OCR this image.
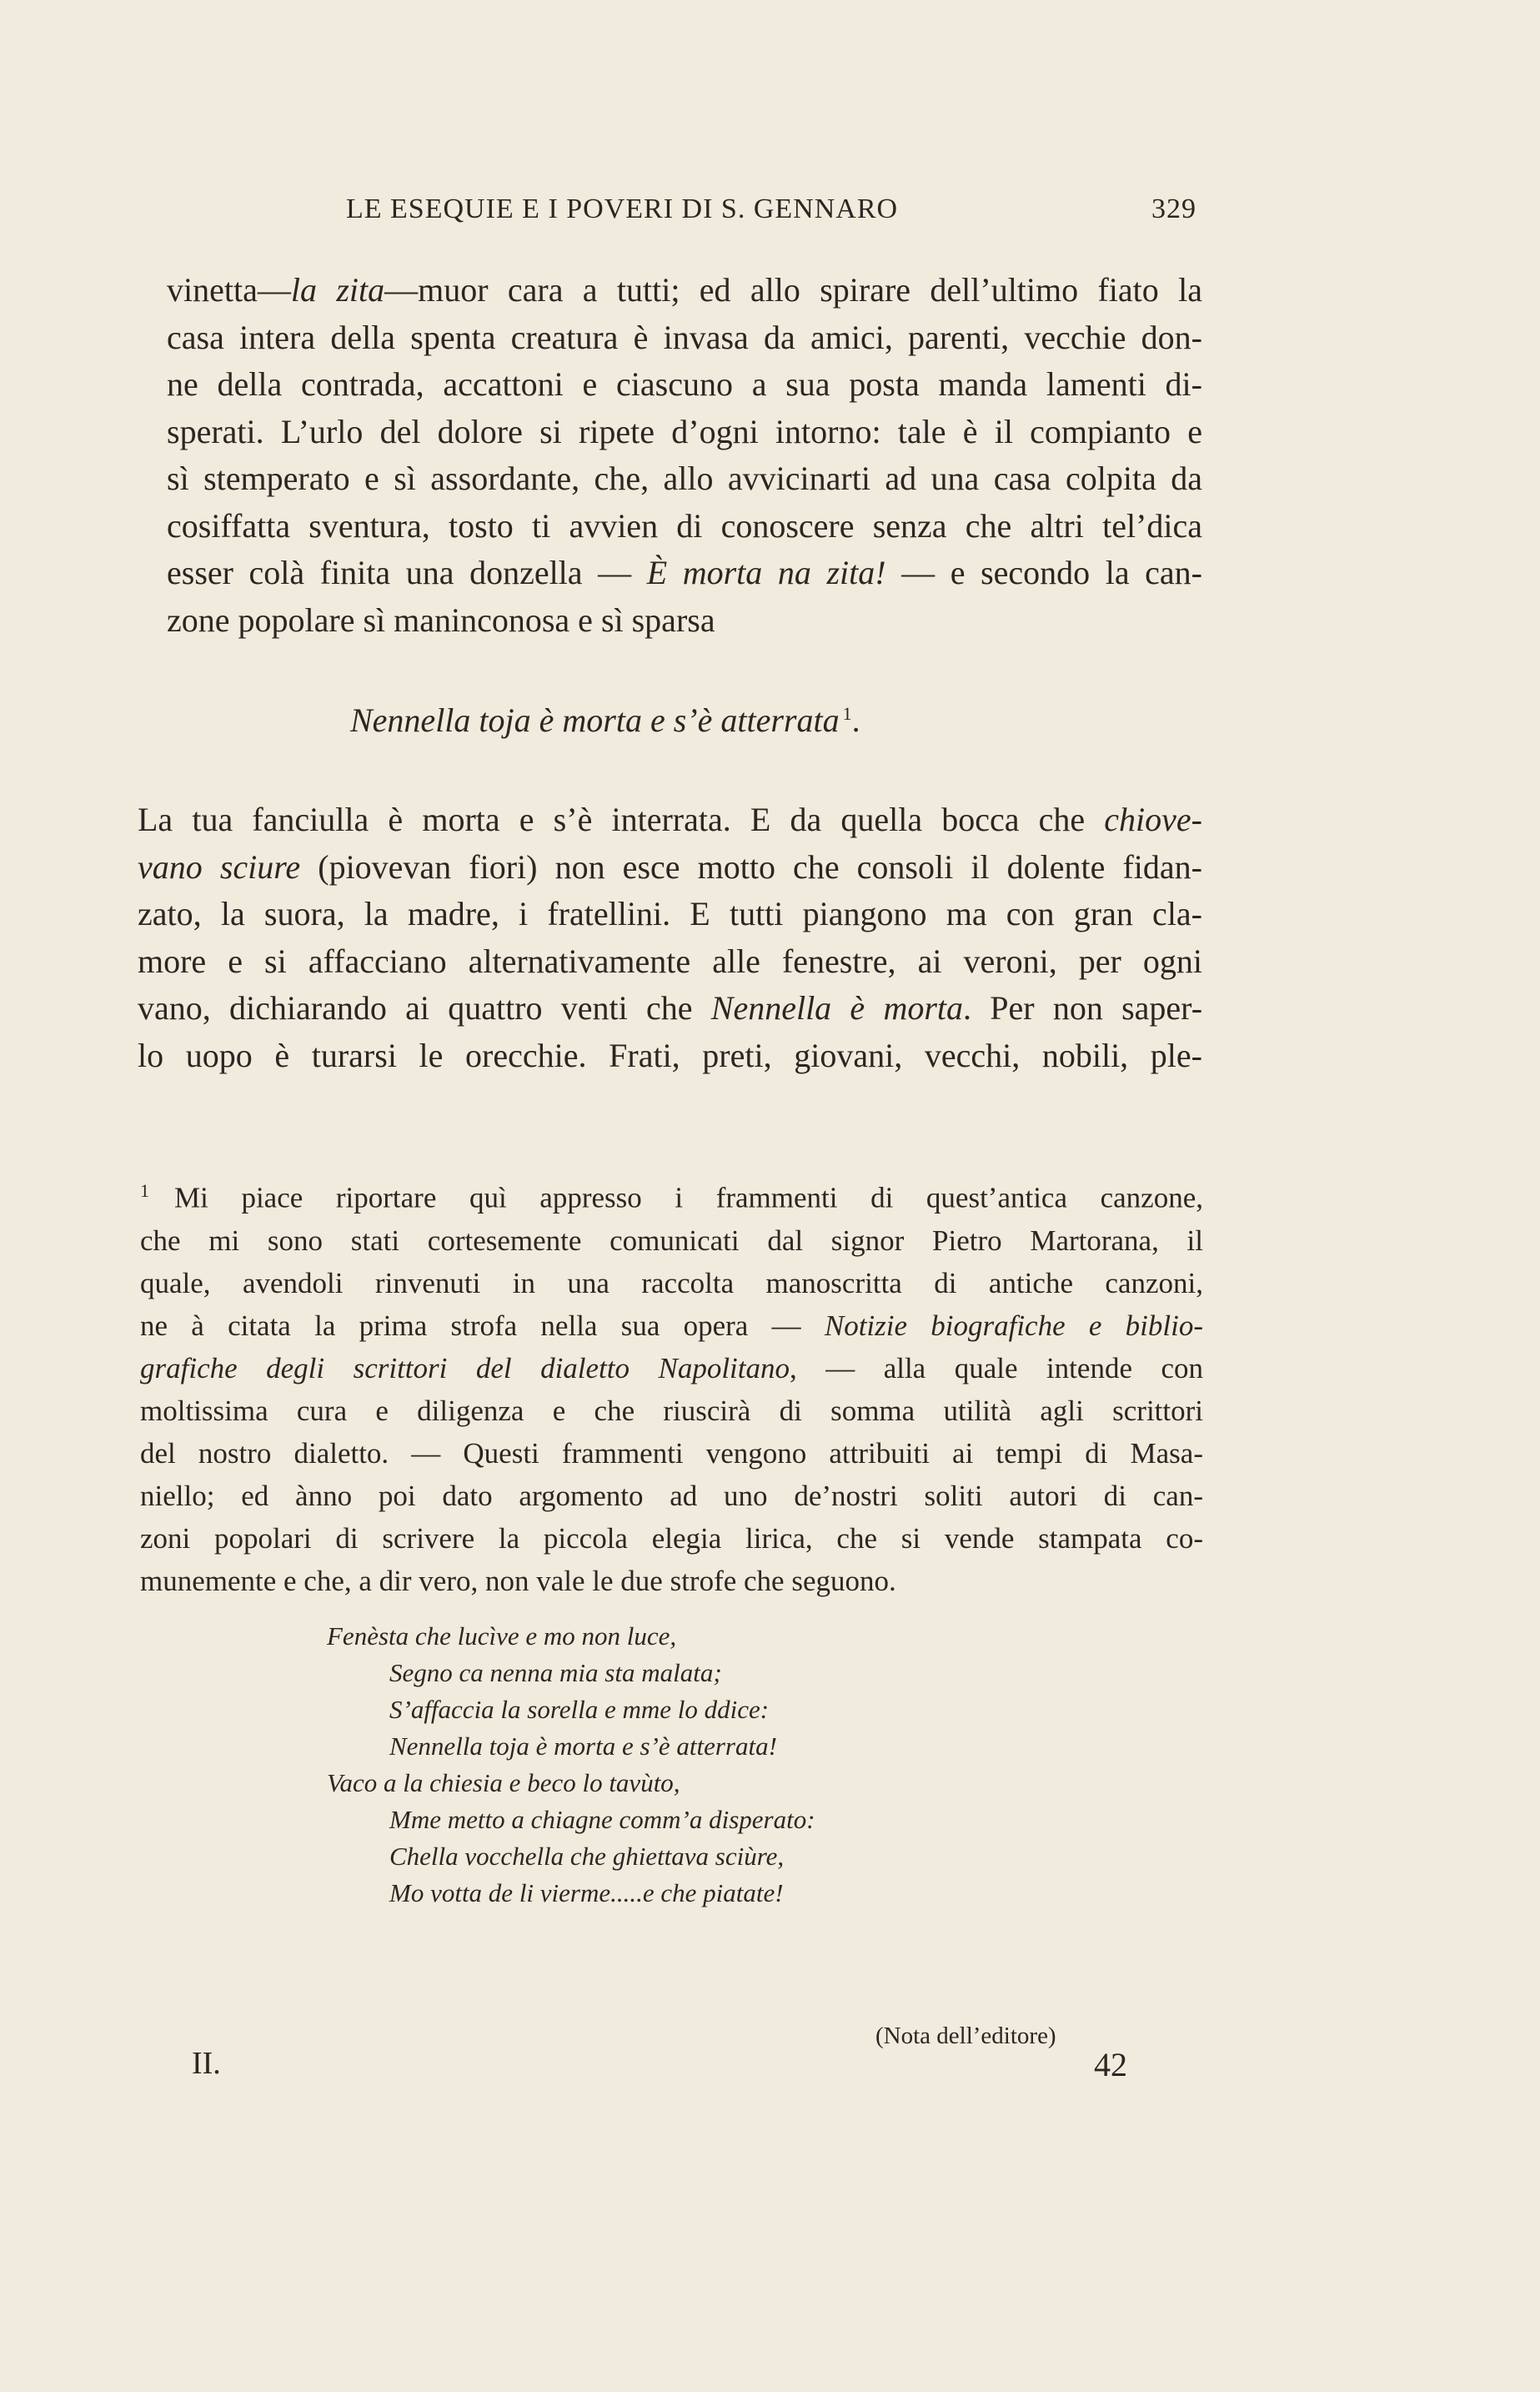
LE ESEQUIE E I POVERI DI S. GENNARO	329
vinetta—la zita—muor cara a tutti; ed allo spirare dell’ultimo fiato la
casa intera della spenta creatura è invasa da amici, parenti, vecchie don-
ne della contrada, accattoni e ciascuno a sua posta manda lamenti di-
sperati. L’urlo del dolore si ripete d’ogni intorno: tale è il compianto e
sì stemperato e sì assordante, che, allo avvicinarti ad una casa colpita da
cosiffatta sventura, tosto ti avvien di conoscere senza che altri tel’dica
esser colà finita una donzella — È morta na zita! — e secondo la can-
zone popolare sì maninconosa e sì sparsa
Nennella toja è morta e s’è atterrata $^1$.
La tua fanciulla è morta e s’è interrata. E da quella bocca che chiove-
vano sciure (piovevan fiori) non esce motto che consoli il dolente fidan-
zato, la suora, la madre, i fratellini. E tutti piangono ma con gran cla-
more e si affacciano alternativamente alle fenestre, ai veroni, per ogni
vano, dichiarando ai quattro venti che Nennella è morta. Per non saper-
lo uopo è turarsi le orecchie. Frati, preti, giovani, vecchi, nobili, ple-
$^1$ Mi piace riportare quì appresso i frammenti di quest’antica canzone,
che mi sono stati cortesemente comunicati dal signor Pietro Martorana, il
quale, avendoli rinvenuti in una raccolta manoscritta di antiche canzoni,
ne à citata la prima strofa nella sua opera — Notizie biografiche e biblio-
grafiche degli scrittori del dialetto Napolitano, — alla quale intende con
moltissima cura e diligenza e che riuscirà di somma utilità agli scrittori
del nostro dialetto. — Questi frammenti vengono attribuiti ai tempi di Masa-
niello; ed ànno poi dato argomento ad uno de’nostri soliti autori di can-
zoni popolari di scrivere la piccola elegia lirica, che si vende stampata co-
munemente e che, a dir vero, non vale le due strofe che seguono.
Fenèsta che lucìve e mo non luce,
Segno ca nenna mia sta malata;
S’affaccia la sorella e mme lo ddice:
Nennella toja è morta e s’è atterrata!
Vaco a la chiesia e beco lo tavùto,
Mme metto a chiagne comm’a disperato:
Chella vocchella che ghiettava sciùre,
Mo votta de li vierme.....e che piatate!
(Nota dell’editore)
II.	42
